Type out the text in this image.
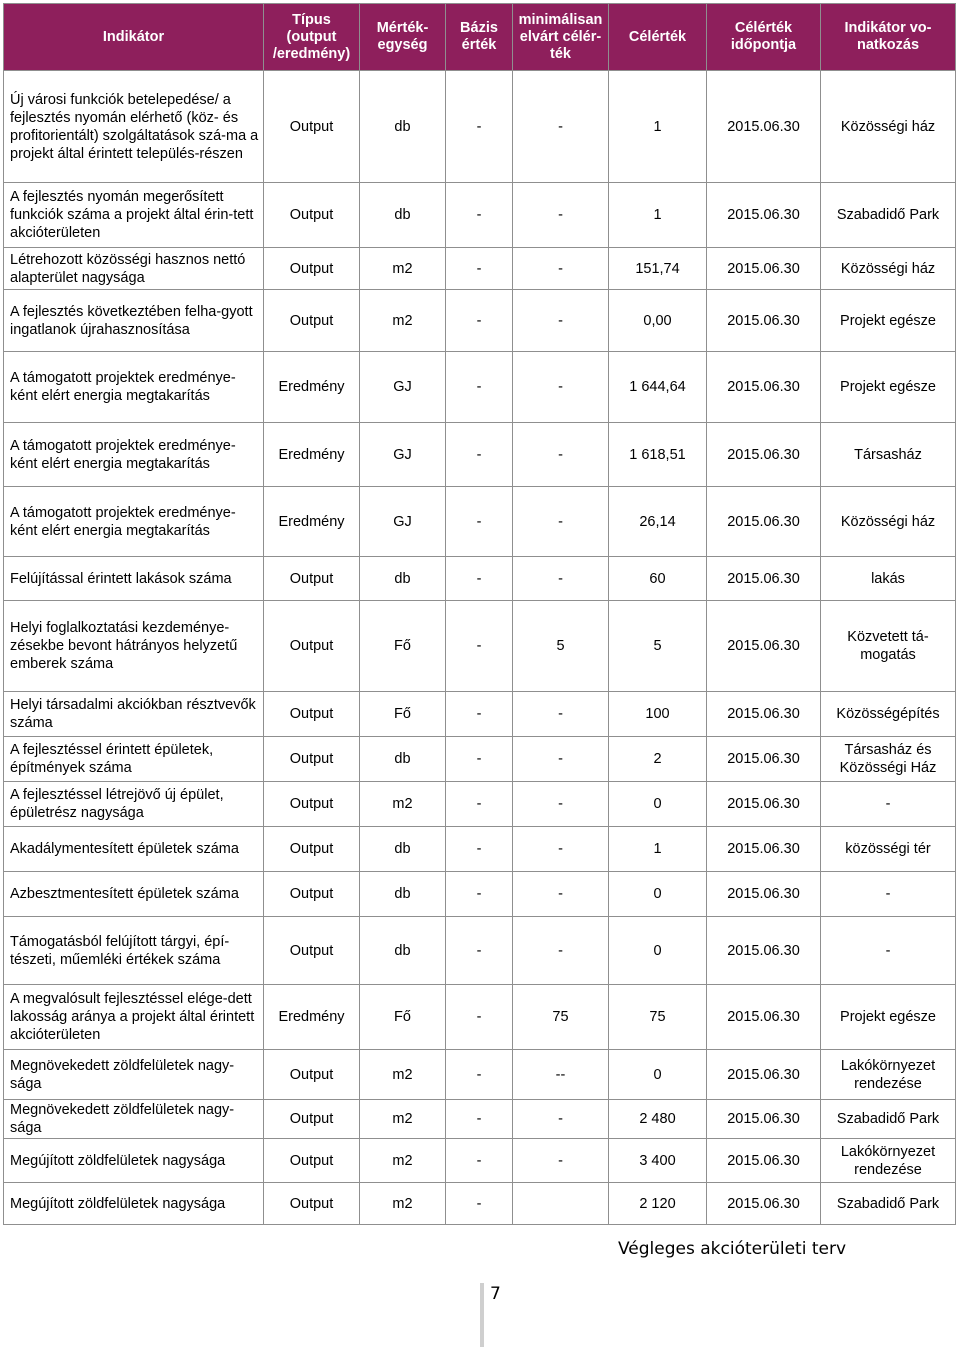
Indikátor	Típus (output /eredmény)	Mérték-egység	Bázis érték	minimálisan elvárt célér-ték	Célérték	Célérték időpontja	Indikátor vo-natkozás
Új városi funkciók betelepedése/ a fejlesztés nyomán elérhető (köz- és profitorientált) szolgáltatások szá-ma a projekt által érintett település-részen	Output	db	-	-	1	2015.06.30	Közösségi ház
A fejlesztés nyomán megerősített funkciók száma a projekt által érin-tett akcióterületen	Output	db	-	-	1	2015.06.30	Szabadidő Park
Létrehozott közösségi hasznos nettó alapterület nagysága	Output	m2	-	-	151,74	2015.06.30	Közösségi ház
A fejlesztés következtében felha-gyott ingatlanok újrahasznosítása	Output	m2	-	-	0,00	2015.06.30	Projekt egésze
A támogatott projektek eredménye-ként elért energia megtakarítás	Eredmény	GJ	-	-	1 644,64	2015.06.30	Projekt egésze
A támogatott projektek eredménye-ként elért energia megtakarítás	Eredmény	GJ	-	-	1 618,51	2015.06.30	Társasház
A támogatott projektek eredménye-ként elért energia megtakarítás	Eredmény	GJ	-	-	26,14	2015.06.30	Közösségi ház
Felújítással érintett lakások száma	Output	db	-	-	60	2015.06.30	lakás
Helyi foglalkoztatási kezdeménye-zésekbe bevont hátrányos helyzetű emberek száma	Output	Fő	-	5	5	2015.06.30	Közvetett tá-mogatás
Helyi társadalmi akciókban résztvevők száma	Output	Fő	-	-	100	2015.06.30	Közösségépítés
A fejlesztéssel érintett épületek, építmények száma	Output	db	-	-	2	2015.06.30	Társasház és Közösségi Ház
A fejlesztéssel létrejövő új épület, épületrész nagysága	Output	m2	-	-	0	2015.06.30	-
Akadálymentesített épületek száma	Output	db	-	-	1	2015.06.30	közösségi tér
Azbesztmentesített épületek száma	Output	db	-	-	0	2015.06.30	-
Támogatásból felújított tárgyi, épí-tészeti, műemléki értékek száma	Output	db	-	-	0	2015.06.30	-
A megvalósult fejlesztéssel elége-dett lakosság aránya a projekt által érintett akcióterületen	Eredmény	Fő	-	75	75	2015.06.30	Projekt egésze
Megnövekedett zöldfelületek nagy-sága	Output	m2	-	--	0	2015.06.30	Lakókörnyezet rendezése
Megnövekedett zöldfelületek nagy-sága	Output	m2	-	-	2 480	2015.06.30	Szabadidő Park
Megújított zöldfelületek nagysága	Output	m2	-	-	3 400	2015.06.30	Lakókörnyezet rendezése
Megújított zöldfelületek nagysága	Output	m2	-		2 120	2015.06.30	Szabadidő Park
Végleges akcióterületi terv
7
